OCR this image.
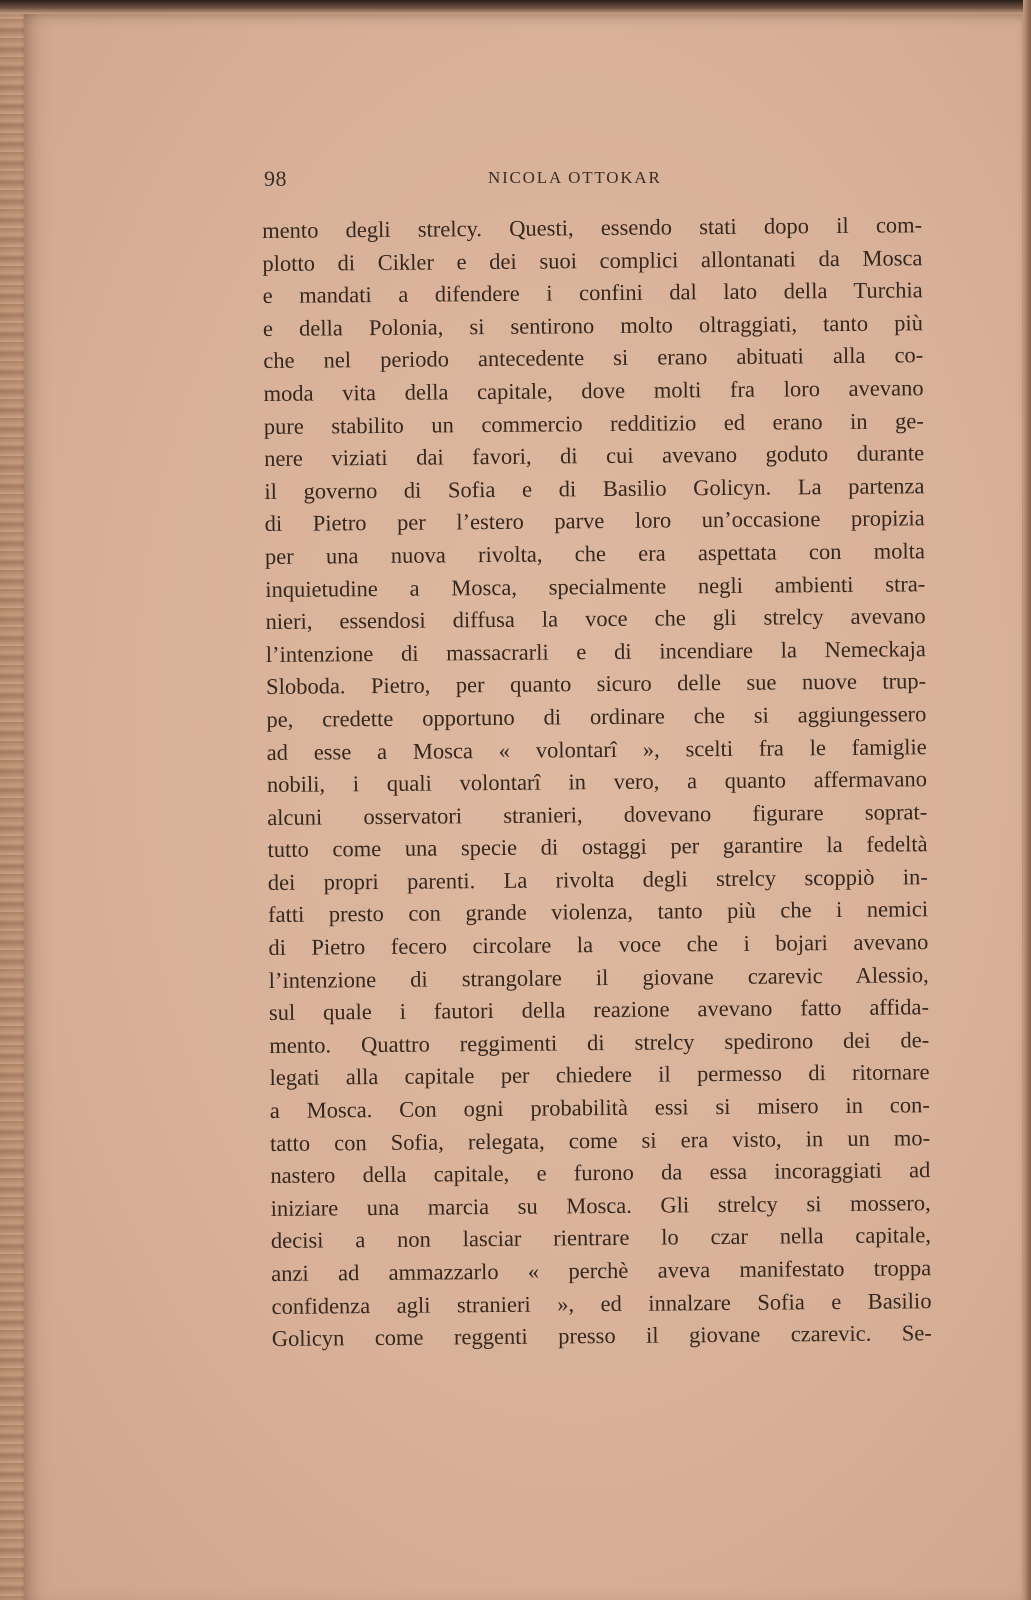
98	NICOLA OTTOKAR
mento degli strelcy. Questi, essendo stati dopo il com-
plotto di Cikler e dei suoi complici allontanati da Mosca
e mandati a difendere i confini dal lato della Turchia
e della Polonia, si sentirono molto oltraggiati, tanto più
che nel periodo antecedente si erano abituati alla co-
moda vita della capitale, dove molti fra loro avevano
pure stabilito un commercio redditizio ed erano in ge-
nere viziati dai favori, di cui avevano goduto durante
il governo di Sofia e di Basilio Golicyn. La partenza
di Pietro per l’estero parve loro un’occasione propizia
per una nuova rivolta, che era aspettata con molta
inquietudine a Mosca, specialmente negli ambienti stra-
nieri, essendosi diffusa la voce che gli strelcy avevano
l’intenzione di massacrarli e di incendiare la Nemeckaja
Sloboda. Pietro, per quanto sicuro delle sue nuove trup-
pe, credette opportuno di ordinare che si aggiungessero
ad esse a Mosca « volontarî », scelti fra le famiglie
nobili, i quali volontarî in vero, a quanto affermavano
alcuni osservatori stranieri, dovevano figurare soprat-
tutto come una specie di ostaggi per garantire la fedeltà
dei propri parenti. La rivolta degli strelcy scoppiò in-
fatti presto con grande violenza, tanto più che i nemici
di Pietro fecero circolare la voce che i bojari avevano
l’intenzione di strangolare il giovane czarevic Alessio,
sul quale i fautori della reazione avevano fatto affida-
mento. Quattro reggimenti di strelcy spedirono dei de-
legati alla capitale per chiedere il permesso di ritornare
a Mosca. Con ogni probabilità essi si misero in con-
tatto con Sofia, relegata, come si era visto, in un mo-
nastero della capitale, e furono da essa incoraggiati ad
iniziare una marcia su Mosca. Gli strelcy si mossero,
decisi a non lasciar rientrare lo czar nella capitale,
anzi ad ammazzarlo « perchè aveva manifestato troppa
confidenza agli stranieri », ed innalzare Sofia e Basilio
Golicyn come reggenti presso il giovane czarevic. Se-
